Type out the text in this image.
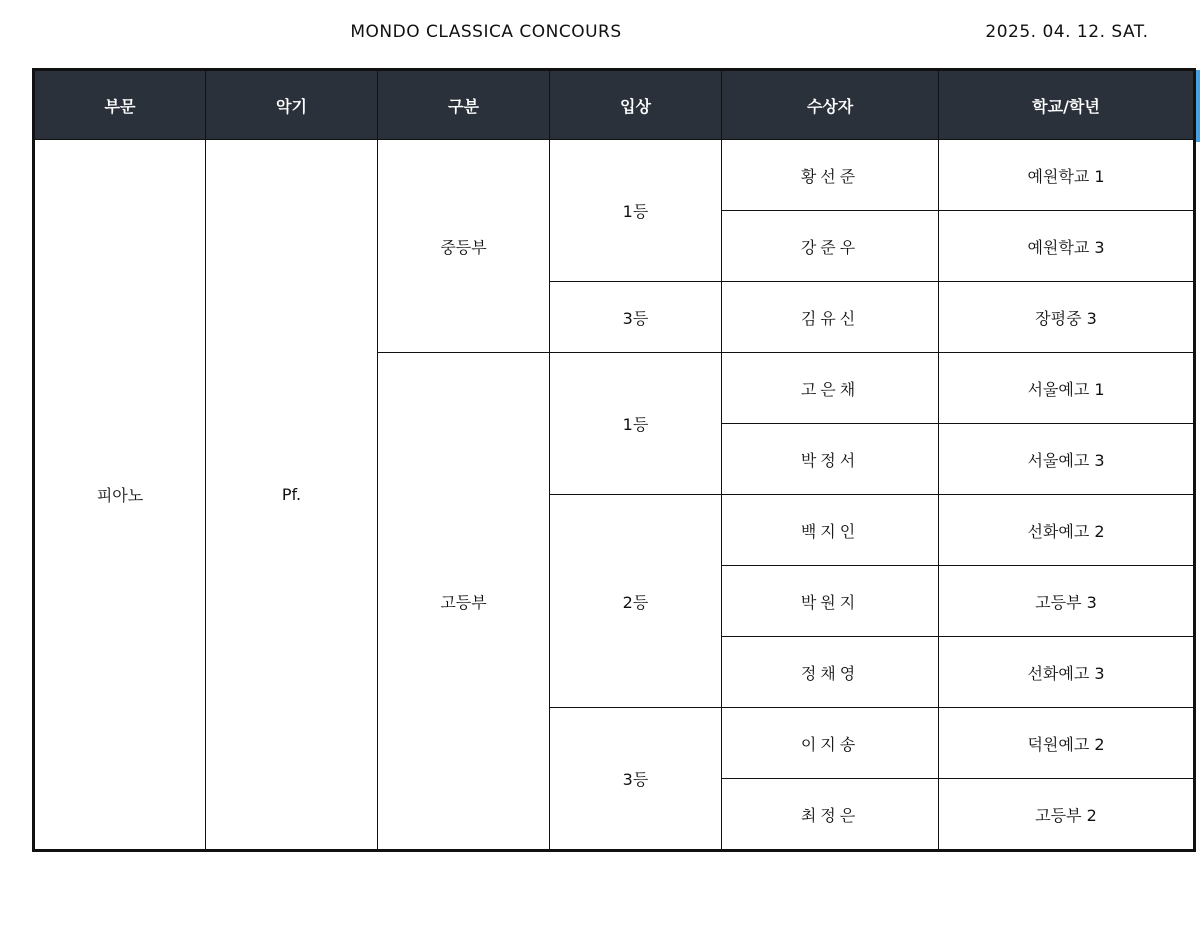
MONDO CLASSICA CONCOURS	2025. 04. 12. SAT.
부문	악기	구분	입상	수상자	학교/학년
피아노	Pf.	중등부	1등	황선준	예원학교 1
				강준우	예원학교 3
			3등	김유신	장평중 3
		고등부	1등	고은채	서울예고 1
				박정서	서울예고 3
			2등	백지인	선화예고 2
				박원지	고등부 3
				정채영	선화예고 3
			3등	이지송	덕원예고 2
				최정은	고등부 2
